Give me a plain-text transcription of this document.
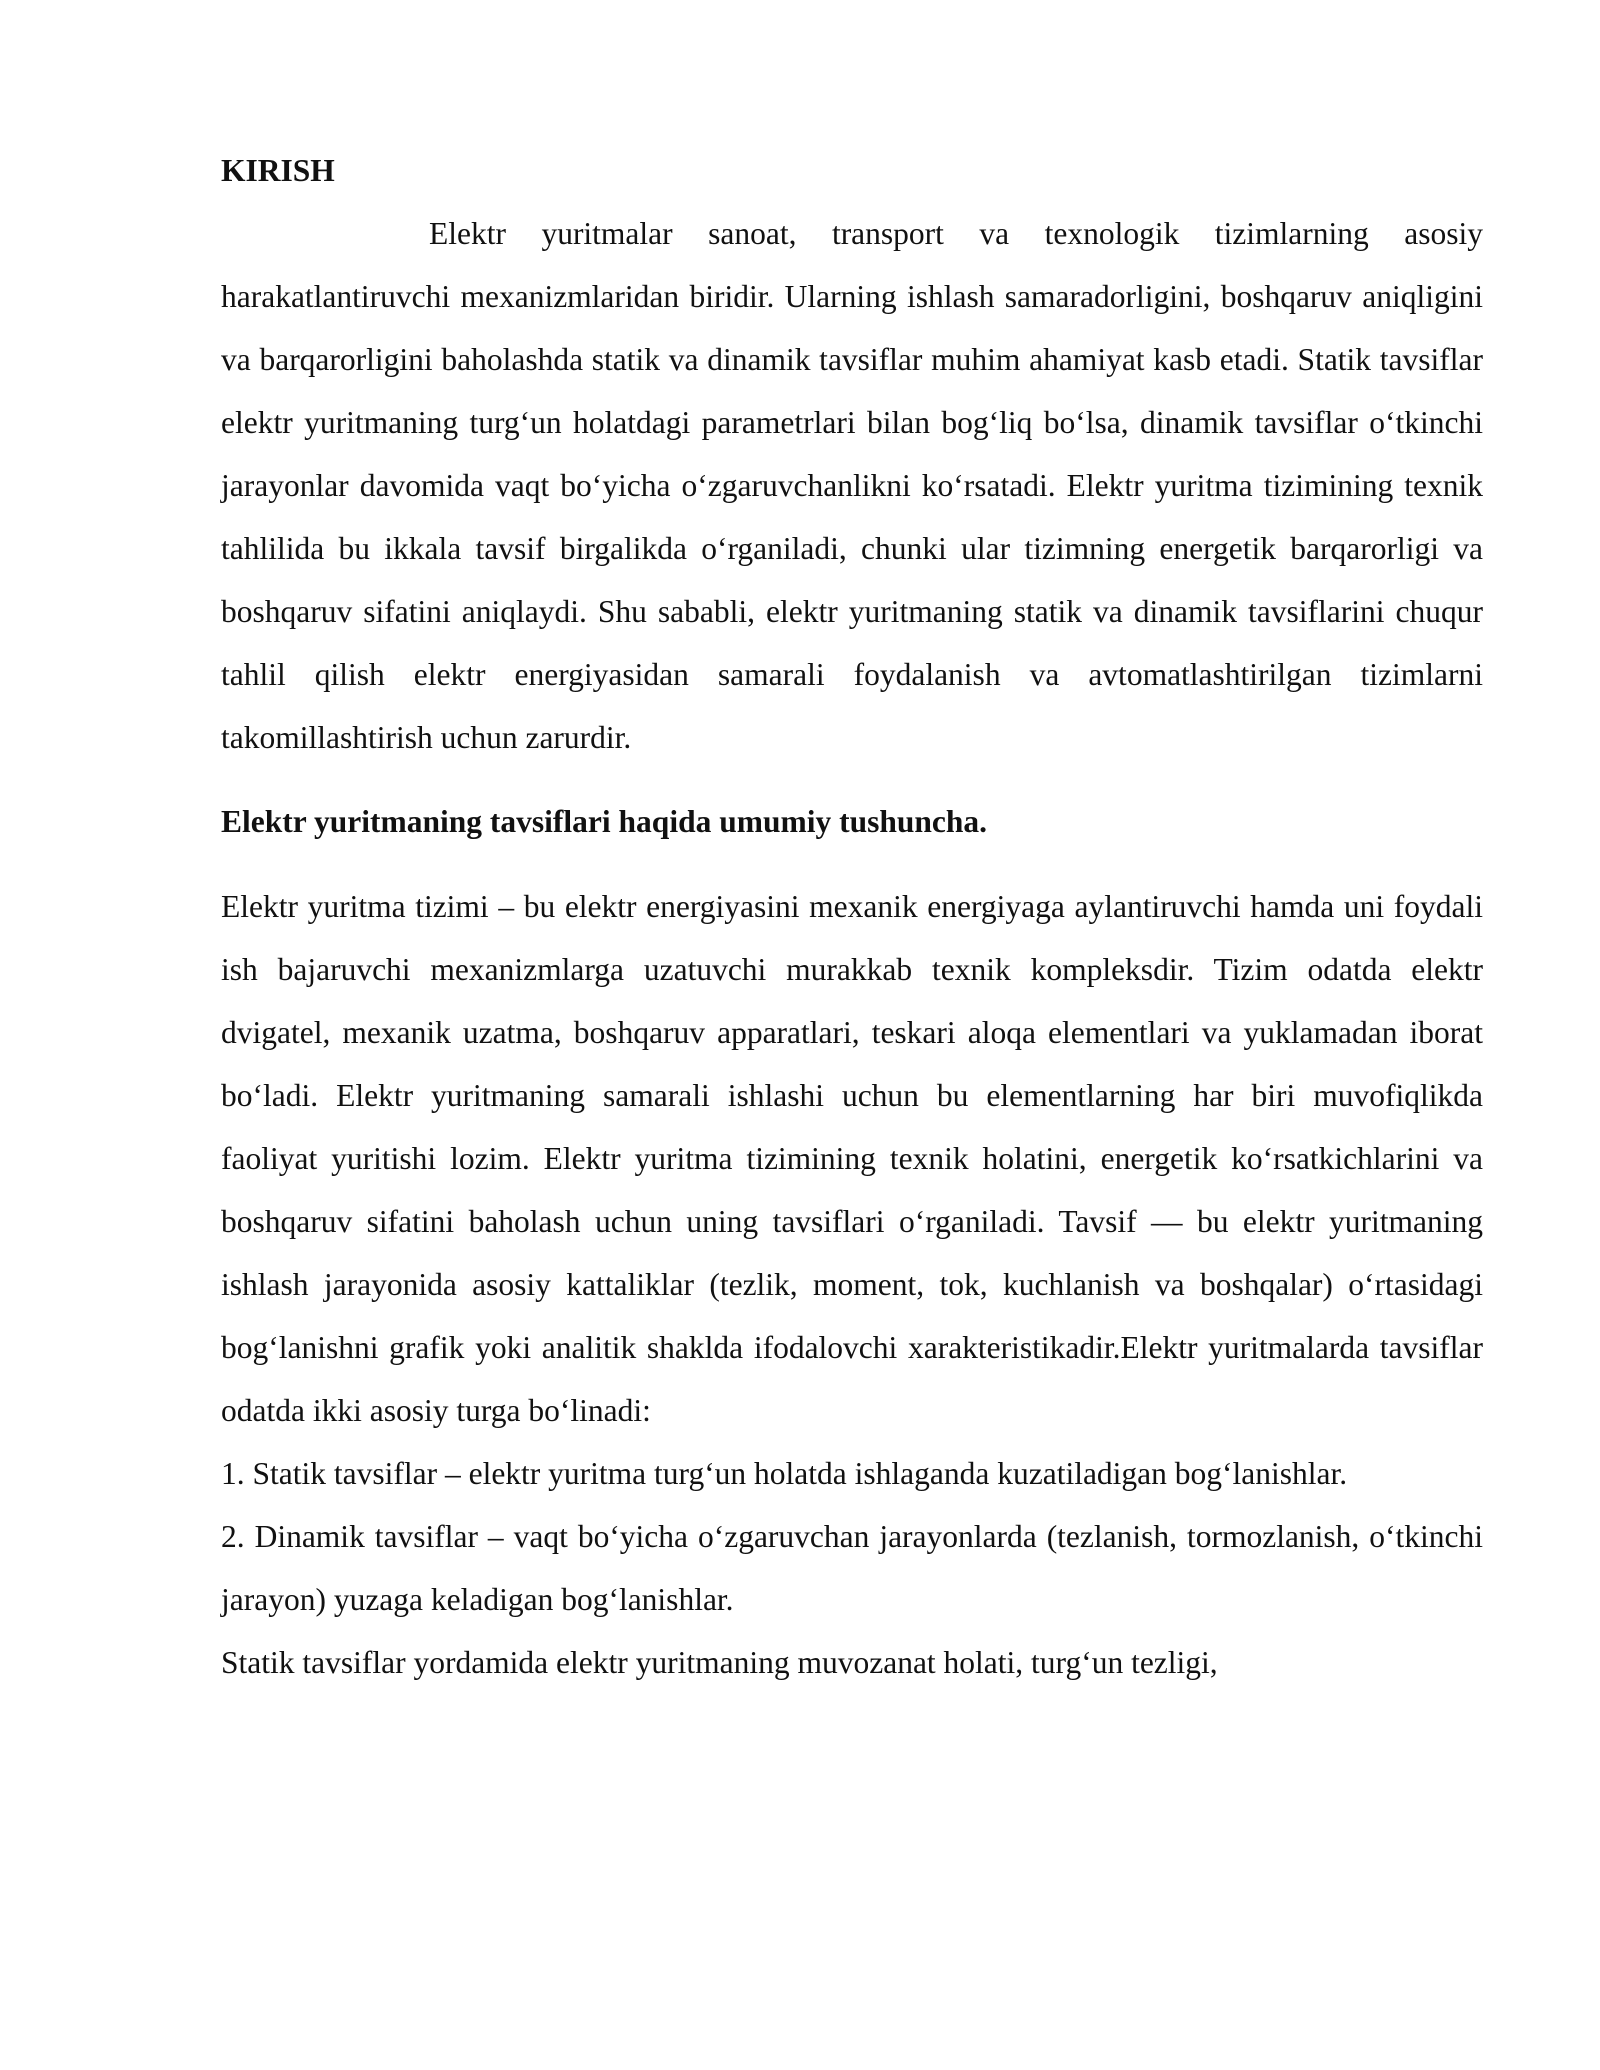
KIRISH

Elektr yuritmalar sanoat, transport va texnologik tizimlarning asosiy harakatlantiruvchi mexanizmlaridan biridir. Ularning ishlash samaradorligini, boshqaruv aniqligini va barqarorligini baholashda statik va dinamik tavsiflar muhim ahamiyat kasb etadi. Statik tavsiflar elektr yuritmaning turg‘un holatdagi parametrlari bilan bog‘liq bo‘lsa, dinamik tavsiflar o‘tkinchi jarayonlar davomida vaqt bo‘yicha o‘zgaruvchanlikni ko‘rsatadi. Elektr yuritma tizimining texnik tahlilida bu ikkala tavsif birgalikda o‘rganiladi, chunki ular tizimning energetik barqarorligi va boshqaruv sifatini aniqlaydi. Shu sababli, elektr yuritmaning statik va dinamik tavsiflarini chuqur tahlil qilish elektr energiyasidan samarali foydalanish va avtomatlashtirilgan tizimlarni takomillashtirish uchun zarurdir.

Elektr yuritmaning tavsiflari haqida umumiy tushuncha.

Elektr yuritma tizimi – bu elektr energiyasini mexanik energiyaga aylantiruvchi hamda uni foydali ish bajaruvchi mexanizmlarga uzatuvchi murakkab texnik kompleksdir. Tizim odatda elektr dvigatel, mexanik uzatma, boshqaruv apparatlari, teskari aloqa elementlari va yuklamadan iborat bo‘ladi. Elektr yuritmaning samarali ishlashi uchun bu elementlarning har biri muvofiqlikda faoliyat yuritishi lozim. Elektr yuritma tizimining texnik holatini, energetik ko‘rsatkichlarini va boshqaruv sifatini baholash uchun uning tavsiflari o‘rganiladi. Tavsif — bu elektr yuritmaning ishlash jarayonida asosiy kattaliklar (tezlik, moment, tok, kuchlanish va boshqalar) o‘rtasidagi bog‘lanishni grafik yoki analitik shaklda ifodalovchi xarakteristikadir.Elektr yuritmalarda tavsiflar odatda ikki asosiy turga bo‘linadi:

1. Statik tavsiflar – elektr yuritma turg‘un holatda ishlaganda kuzatiladigan bog‘lanishlar.

2. Dinamik tavsiflar – vaqt bo‘yicha o‘zgaruvchan jarayonlarda (tezlanish, tormozlanish, o‘tkinchi jarayon) yuzaga keladigan bog‘lanishlar.

Statik tavsiflar yordamida elektr yuritmaning muvozanat holati, turg‘un tezligi,
